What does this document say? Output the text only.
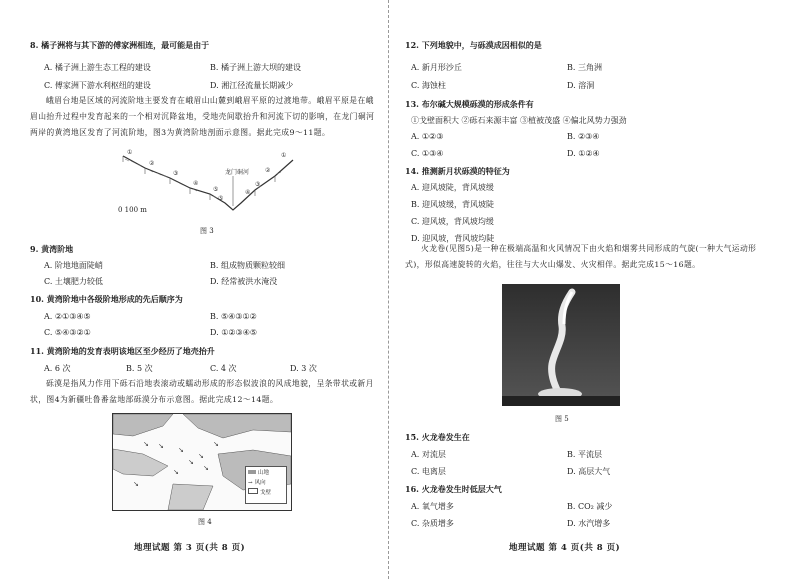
8. 橘子洲将与其下游的傅家洲相连，最可能是由于
A. 橘子洲上游生态工程的建设	B. 橘子洲上游大坝的建设
C. 傅家洲下游水利枢纽的建设	D. 湘江径流量长期减少
峨眉台地是区域的河流阶地主要发育在峨眉山山麓到峨眉平原的过渡地带。峨眉平原是在峨眉山抬升过程中发育起来的一个相对沉降盆地，受地壳间歇抬升和河流下切的影响，在龙门硐河两岸的黄湾地区发育了河流阶地，图3为黄湾阶地剖面示意图。据此完成9～11题。
①
②
③
④
⑤
①
②
③
④
⑤
龙门硐河
0 100 m
图 3
9. 黄湾阶地
A. 阶地地面陡峭	B. 组成物质颗粒较细
C. 土壤肥力较低	D. 经常被洪水淹没
10. 黄湾阶地中各级阶地形成的先后顺序为
A. ②①③④⑤	B. ⑤④③①②
C. ⑤④③②①	D. ①②③④⑤
11. 黄湾阶地的发育表明该地区至少经历了地壳抬升
A. 6 次	B. 5 次	C. 4 次	D. 3 次
砾漠是指风力作用下砾石沿地表滚动或蠕动形成的形态似波浪的风成地貌，呈条带状或新月状，图4为新疆吐鲁番盆地部砾漠分布示意图。据此完成12～14题。
↘ ↘ ↘
↘
↘
↘
↘
↘
↘
山地
→ 风向
戈壁
图 4
地理试题 第 3 页(共 8 页)
12. 下列地貌中，与砾漠成因相似的是
A. 新月形沙丘	B. 三角洲
C. 海蚀柱	D. 溶洞
13. 布尔碱大规模砾漠的形成条件有
①戈壁面积大 ②砾石来源丰富 ③植被茂盛 ④偏北风势力强劲
A. ①②③	B. ②③④
C. ①③④	D. ①②④
14. 推测新月状砾漠的特征为
A. 迎风坡陡，背风坡缓
B. 迎风坡缓，背风坡陡
C. 迎风坡，背风坡均缓
D. 迎风坡，背风坡均陡
火龙卷(见图5)是一种在极端高温和火风情况下由火焰和烟雾共同形成的气旋(一种大气运动形式)，形似高速旋转的火焰，往往与大火山爆发、火灾相伴。据此完成15～16题。
图 5
15. 火龙卷发生在
A. 对流层	B. 平流层
C. 电离层	D. 高层大气
16. 火龙卷发生时低层大气
A. 氧气增多	B. CO₂ 减少
C. 杂质增多	D. 水汽增多
地理试题 第 4 页(共 8 页)
